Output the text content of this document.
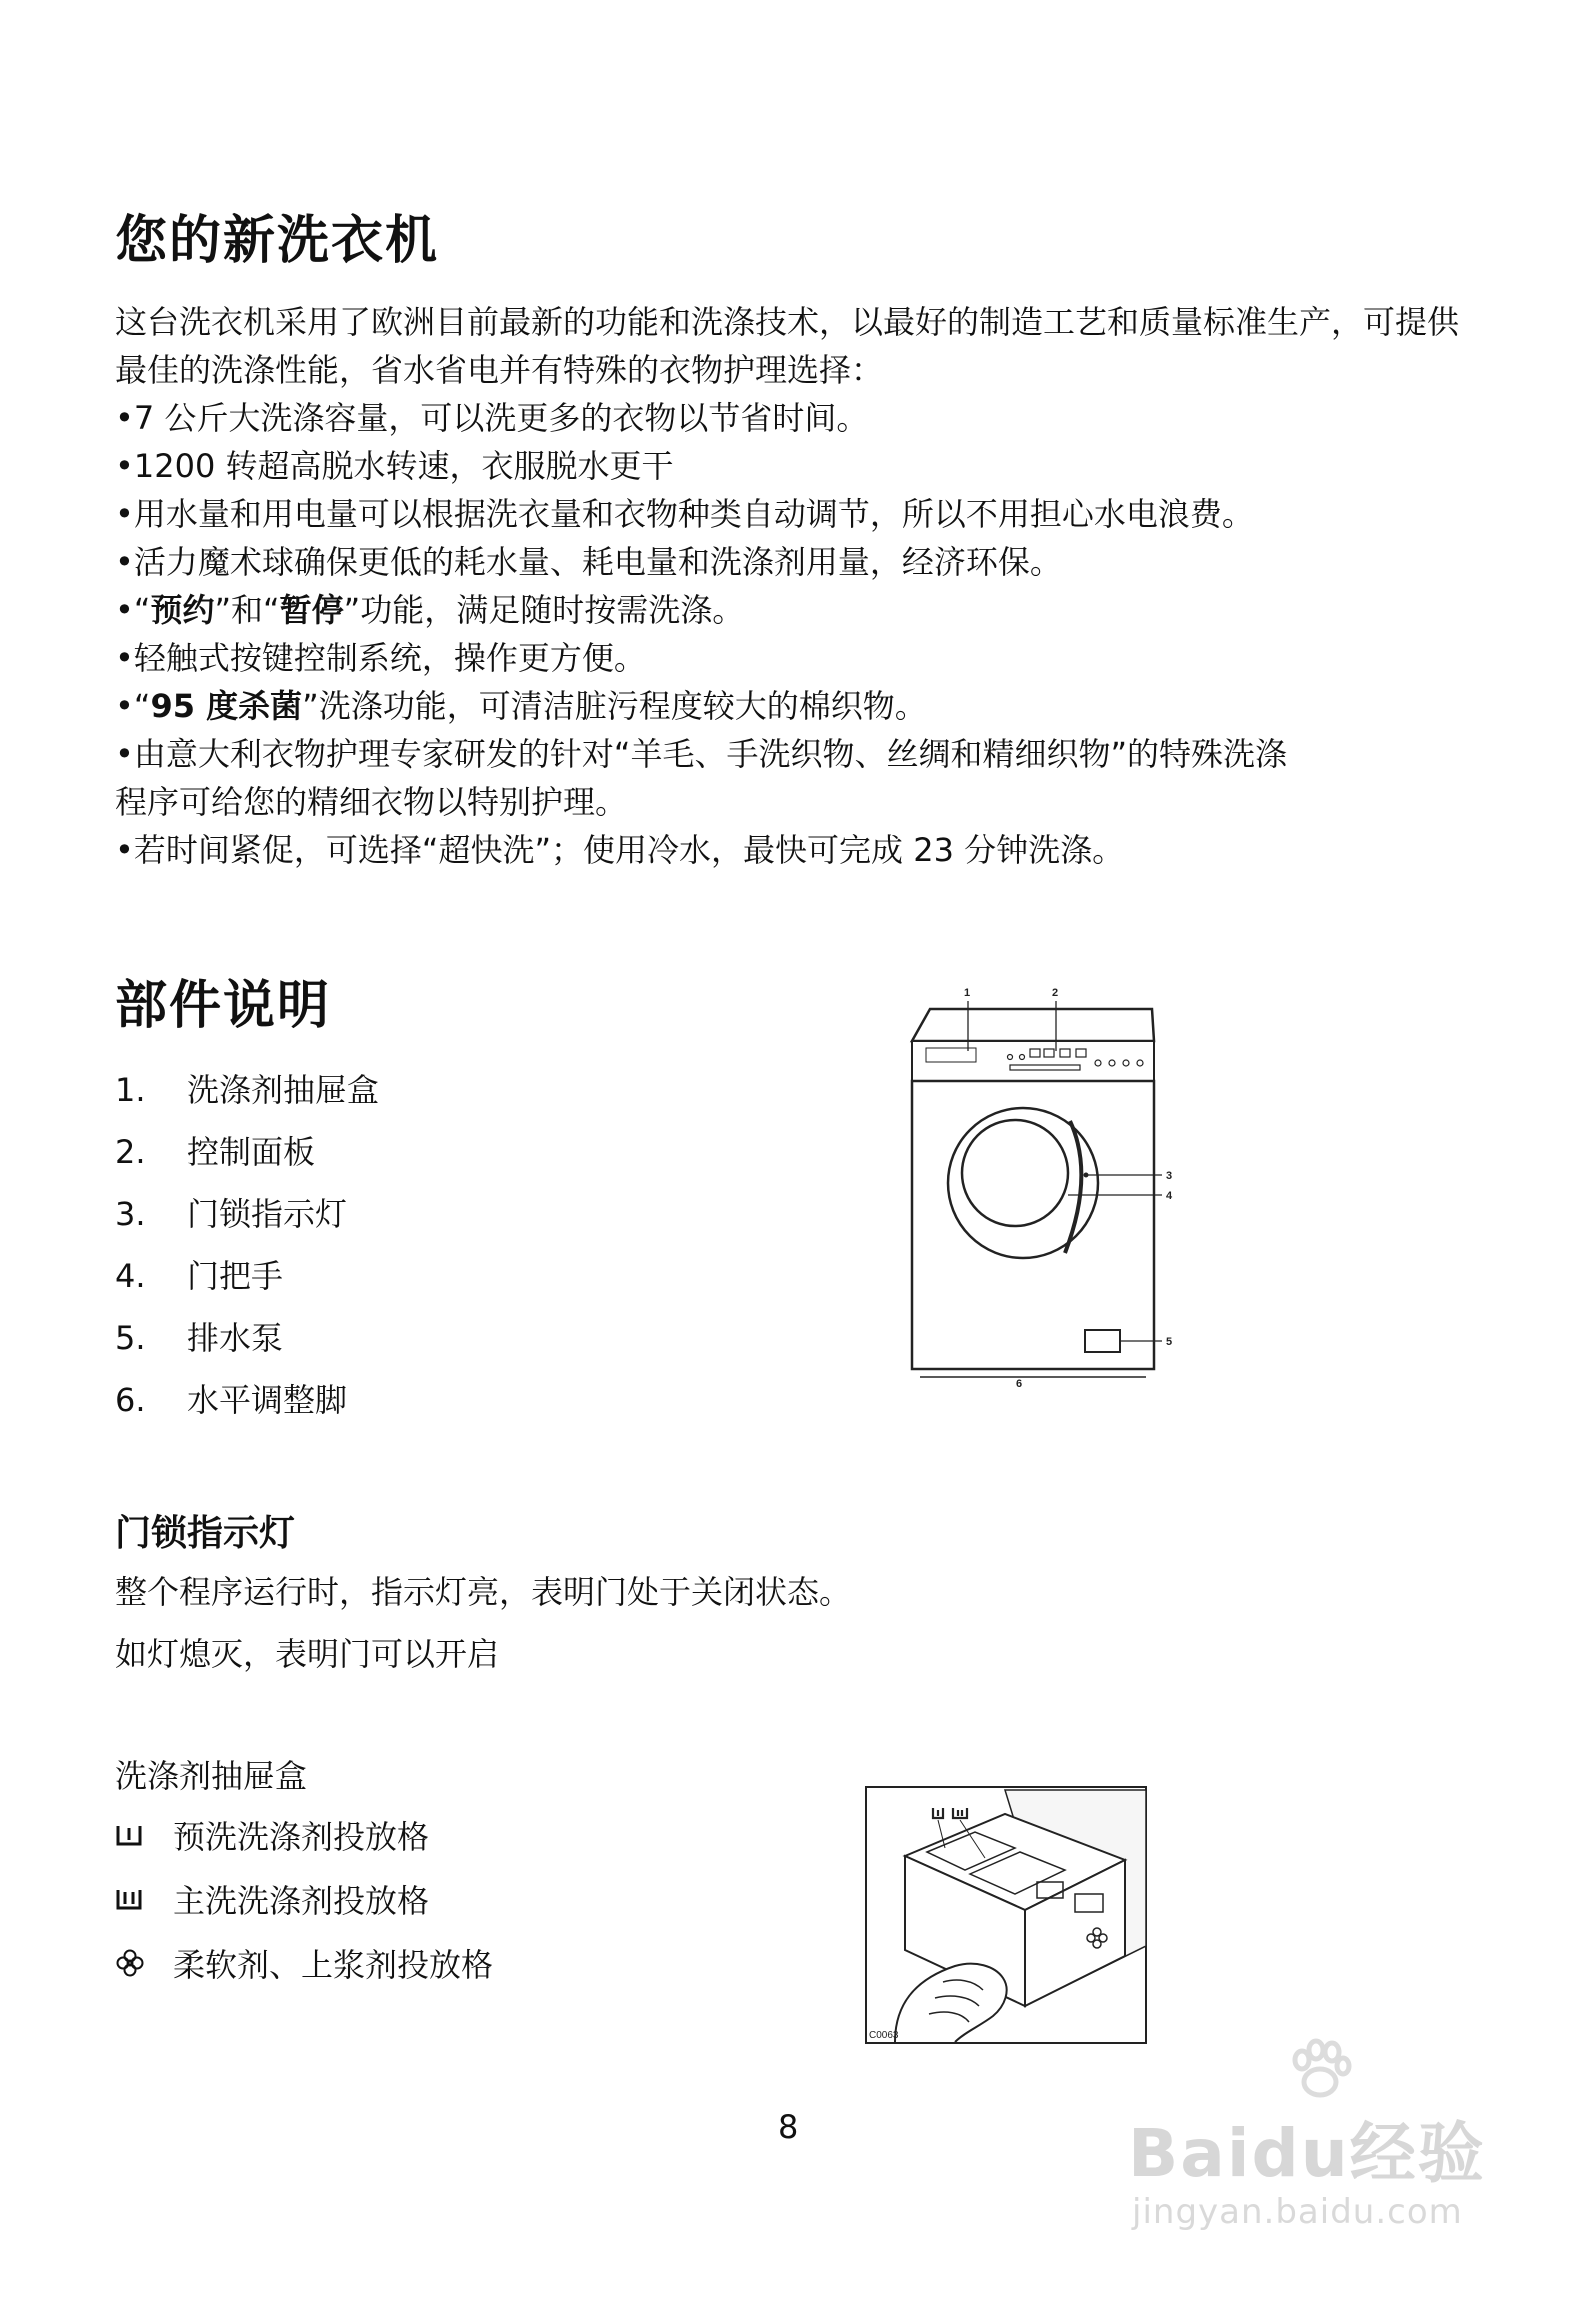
您的新洗衣机
这台洗衣机采用了欧洲目前最新的功能和洗涤技术，以最好的制造工艺和质量标准生产，可提供最佳的洗涤性能，省水省电并有特殊的衣物护理选择：
•7 公斤大洗涤容量，可以洗更多的衣物以节省时间。
•1200 转超高脱水转速，衣服脱水更干
•用水量和用电量可以根据洗衣量和衣物种类自动调节，所以不用担心水电浪费。
•活力魔术球确保更低的耗水量、耗电量和洗涤剂用量，经济环保。
•“预约”和“暂停”功能，满足随时按需洗涤。
•轻触式按键控制系统，操作更方便。
•“95 度杀菌”洗涤功能，可清洁脏污程度较大的棉织物。
•由意大利衣物护理专家研发的针对“羊毛、手洗织物、丝绸和精细织物”的特殊洗涤
程序可给您的精细衣物以特别护理。
•若时间紧促，可选择“超快洗”；使用冷水，最快可完成 23 分钟洗涤。
部件说明
1. 洗涤剂抽屉盒
2. 控制面板
3. 门锁指示灯
4. 门把手
5. 排水泵
6. 水平调整脚
1	2
3
4
5
6
门锁指示灯
整个程序运行时，指示灯亮，表明门处于关闭状态。
如灯熄灭，表明门可以开启
洗涤剂抽屉盒
预洗洗涤剂投放格
主洗洗涤剂投放格
柔软剂、上浆剂投放格
C0063
8	Baidu经验
jingyan.baidu.com
